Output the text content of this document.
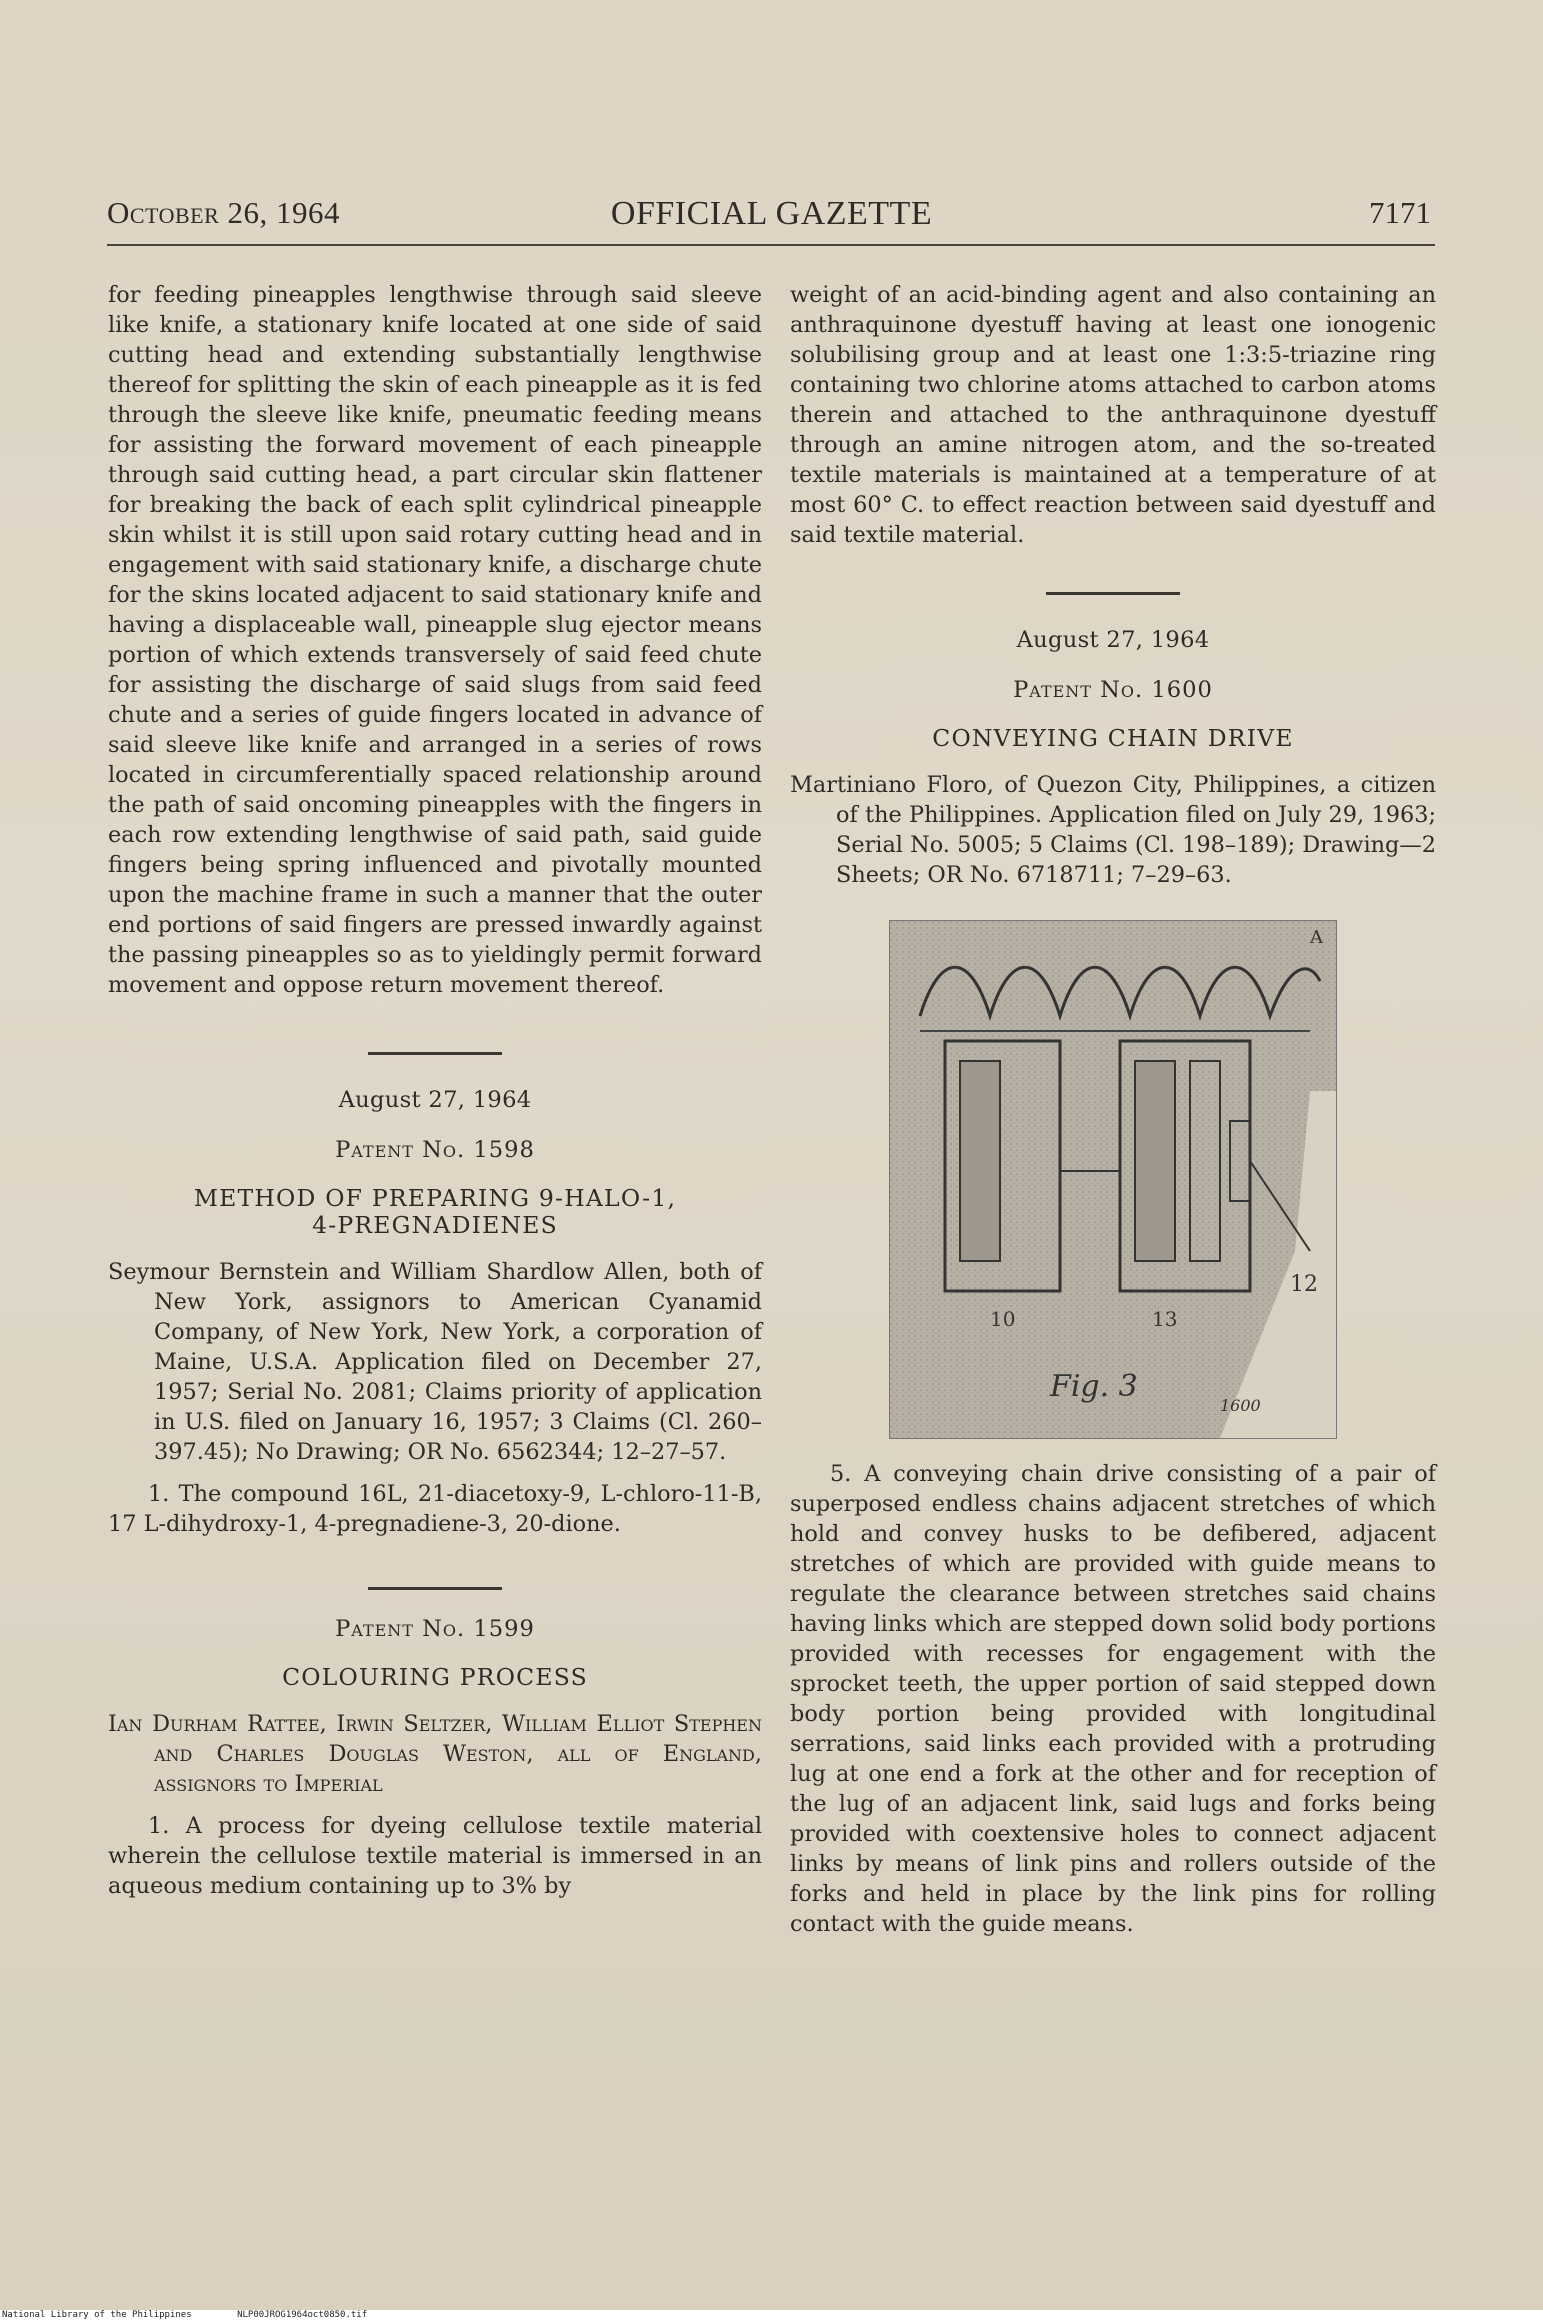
October 26, 1964	OFFICIAL GAZETTE	7171

for feeding pineapples lengthwise through said sleeve like knife, a stationary knife located at one side of said cutting head and extending substantially lengthwise thereof for splitting the skin of each pineapple as it is fed through the sleeve like knife, pneumatic feeding means for assisting the forward movement of each pineapple through said cutting head, a part circular skin flattener for breaking the back of each split cylindrical pineapple skin whilst it is still upon said rotary cutting head and in engagement with said stationary knife, a discharge chute for the skins located adjacent to said stationary knife and having a displaceable wall, pineapple slug ejector means portion of which extends transversely of said feed chute for assisting the discharge of said slugs from said feed chute and a series of guide fingers located in advance of said sleeve like knife and arranged in a series of rows located in circumferentially spaced relationship around the path of said oncoming pineapples with the fingers in each row extending lengthwise of said path, said guide fingers being spring influenced and pivotally mounted upon the machine frame in such a manner that the outer end portions of said fingers are pressed inwardly against the passing pineapples so as to yieldingly permit forward movement and oppose return movement thereof.

August 27, 1964
Patent No. 1598
METHOD OF PREPARING 9-HALO-1,
4-PREGNADIENES

Seymour Bernstein and William Shardlow Allen, both of New York, assignors to American Cyanamid Company, of New York, New York, a corporation of Maine, U.S.A. Application filed on December 27, 1957; Serial No. 2081; Claims priority of application in U.S. filed on January 16, 1957; 3 Claims (Cl. 260–397.45); No Drawing; OR No. 6562344; 12–27–57.

1. The compound 16L, 21-diacetoxy-9, L-chloro-11-B, 17 L-dihydroxy-1, 4-pregnadiene-3, 20-dione.

Patent No. 1599
COLOURING PROCESS

Ian Durham Rattee, Irwin Seltzer, William Elliot Stephen and Charles Douglas Weston, all of England, assignors to Imperial

1. A process for dyeing cellulose textile material wherein the cellulose textile material is immersed in an aqueous medium containing up to 3% by

weight of an acid-binding agent and also containing an anthraquinone dyestuff having at least one ionogenic solubilising group and at least one 1:3:5-triazine ring containing two chlorine atoms attached to carbon atoms therein and attached to the anthraquinone dyestuff through an amine nitrogen atom, and the so-treated textile materials is maintained at a temperature of at most 60° C. to effect reaction between said dyestuff and said textile material.

August 27, 1964
Patent No. 1600
CONVEYING CHAIN DRIVE

Martiniano Floro, of Quezon City, Philippines, a citizen of the Philippines. Application filed on July 29, 1963; Serial No. 5005; 5 Claims (Cl. 198–189); Drawing—2 Sheets; OR No. 6718711; 7–29–63.

A
12
10	13
Fig. 3
1600

5. A conveying chain drive consisting of a pair of superposed endless chains adjacent stretches of which hold and convey husks to be defibered, adjacent stretches of which are provided with guide means to regulate the clearance between stretches said chains having links which are stepped down solid body portions provided with recesses for engagement with the sprocket teeth, the upper portion of said stepped down body portion being provided with longitudinal serrations, said links each provided with a protruding lug at one end a fork at the other and for reception of the lug of an adjacent link, said lugs and forks being provided with coextensive holes to connect adjacent links by means of link pins and rollers outside of the forks and held in place by the link pins for rolling contact with the guide means.

National Library of the Philippines	NLP00JROG1964oct0850.tif
